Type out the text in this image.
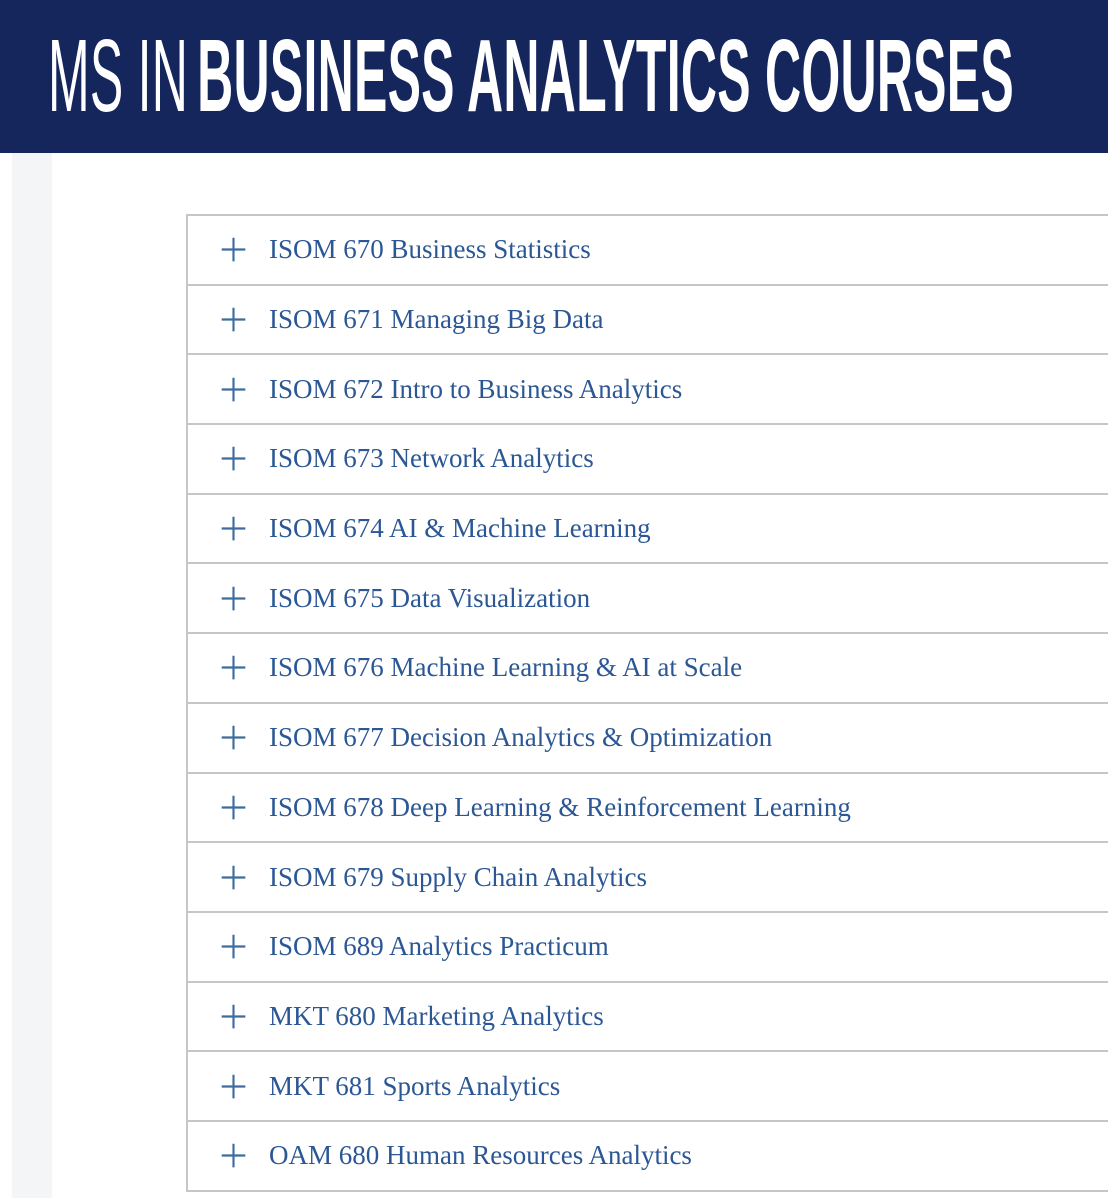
MS INBUSINESS ANALYTICS COURSES
ISOM 670 Business Statistics
ISOM 671 Managing Big Data
ISOM 672 Intro to Business Analytics
ISOM 673 Network Analytics
ISOM 674 AI & Machine Learning
ISOM 675 Data Visualization
ISOM 676 Machine Learning & AI at Scale
ISOM 677 Decision Analytics & Optimization
ISOM 678 Deep Learning & Reinforcement Learning
ISOM 679 Supply Chain Analytics
ISOM 689 Analytics Practicum
MKT 680 Marketing Analytics
MKT 681 Sports Analytics
OAM 680 Human Resources Analytics
